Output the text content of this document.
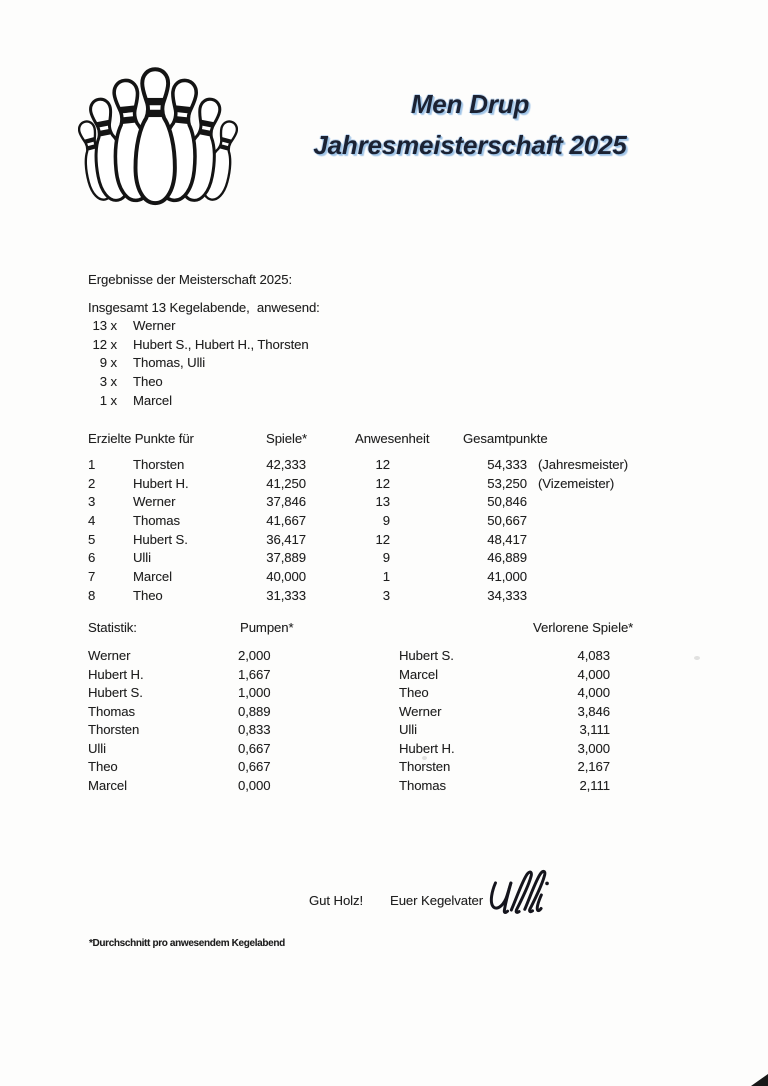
Men Drup
Jahresmeisterschaft 2025
Ergebnisse der Meisterschaft 2025:
Insgesamt 13 Kegelabende,  anwesend:
13 x Werner
12 x Hubert S., Hubert H., Thorsten
9 x Thomas, Ulli
3 x Theo
1 x Marcel
Erzielte Punkte für	Spiele*	Anwesenheit	Gesamtpunkte
1	Thorsten	42,333	12	54,333 (Jahresmeister)
2	Hubert H.	41,250	12	53,250 (Vizemeister)
3	Werner	37,846	13	50,846
4	Thomas	41,667	9	50,667
5	Hubert S.	36,417	12	48,417
6	Ulli	37,889	9	46,889
7	Marcel	40,000	1	41,000
8	Theo	31,333	3	34,333
Statistik:	Pumpen*	Verlorene Spiele*
Werner	2,000	Hubert S.	4,083
Hubert H.	1,667	Marcel	4,000
Hubert S.	1,000	Theo	4,000
Thomas	0,889	Werner	3,846
Thorsten	0,833	Ulli	3,111
Ulli	0,667	Hubert H.	3,000
Theo	0,667	Thorsten	2,167
Marcel	0,000	Thomas	2,111
Gut Holz! Euer Kegelvater
*Durchschnitt pro anwesendem Kegelabend
